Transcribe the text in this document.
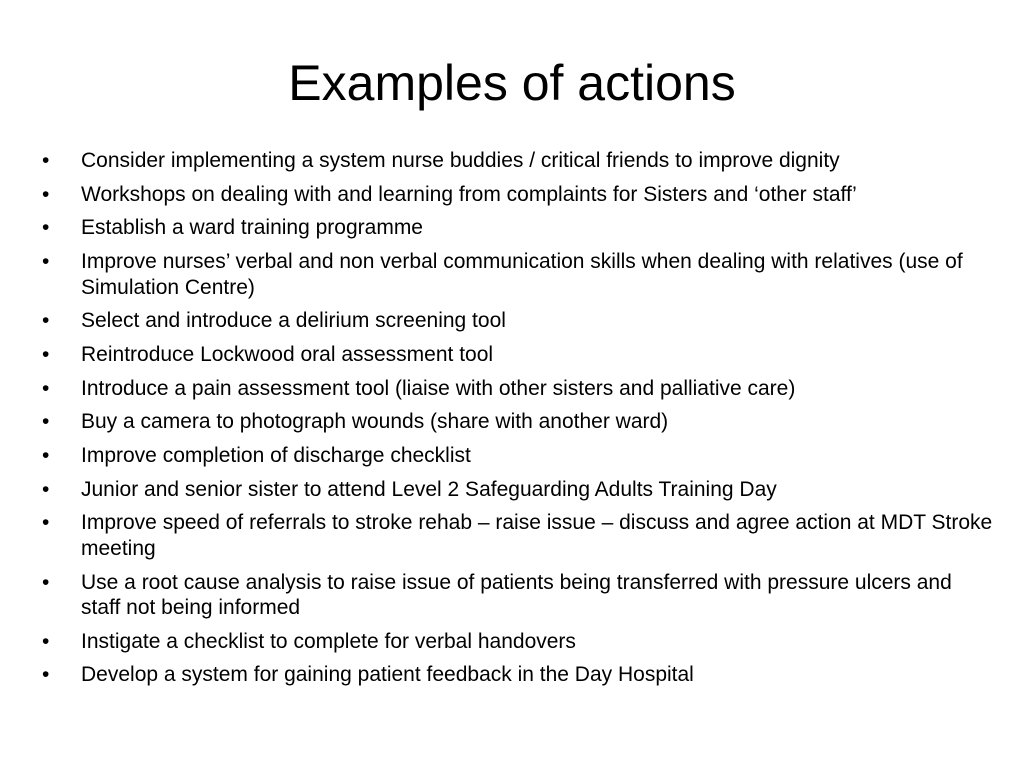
Examples of actions
•	Consider implementing a system nurse buddies / critical friends to improve dignity
•	Workshops on dealing with and learning from complaints for Sisters and ‘other staff’
•	Establish a ward training programme
•	Improve nurses’ verbal and non verbal communication skills when dealing with relatives (use of Simulation Centre)
•	Select and introduce a delirium screening tool
•	Reintroduce Lockwood oral assessment tool
•	Introduce a pain assessment tool (liaise with other sisters and palliative care)
•	Buy a camera to photograph wounds (share with another ward)
•	Improve completion of discharge checklist
•	Junior and senior sister to attend Level 2 Safeguarding Adults Training Day
•	Improve speed of referrals to stroke rehab – raise issue – discuss and agree action at MDT Stroke meeting
•	Use a root cause analysis to raise issue of patients being transferred with pressure ulcers and staff not being informed
•	Instigate a checklist to complete for verbal handovers
•	Develop a system for gaining patient feedback in the Day Hospital
